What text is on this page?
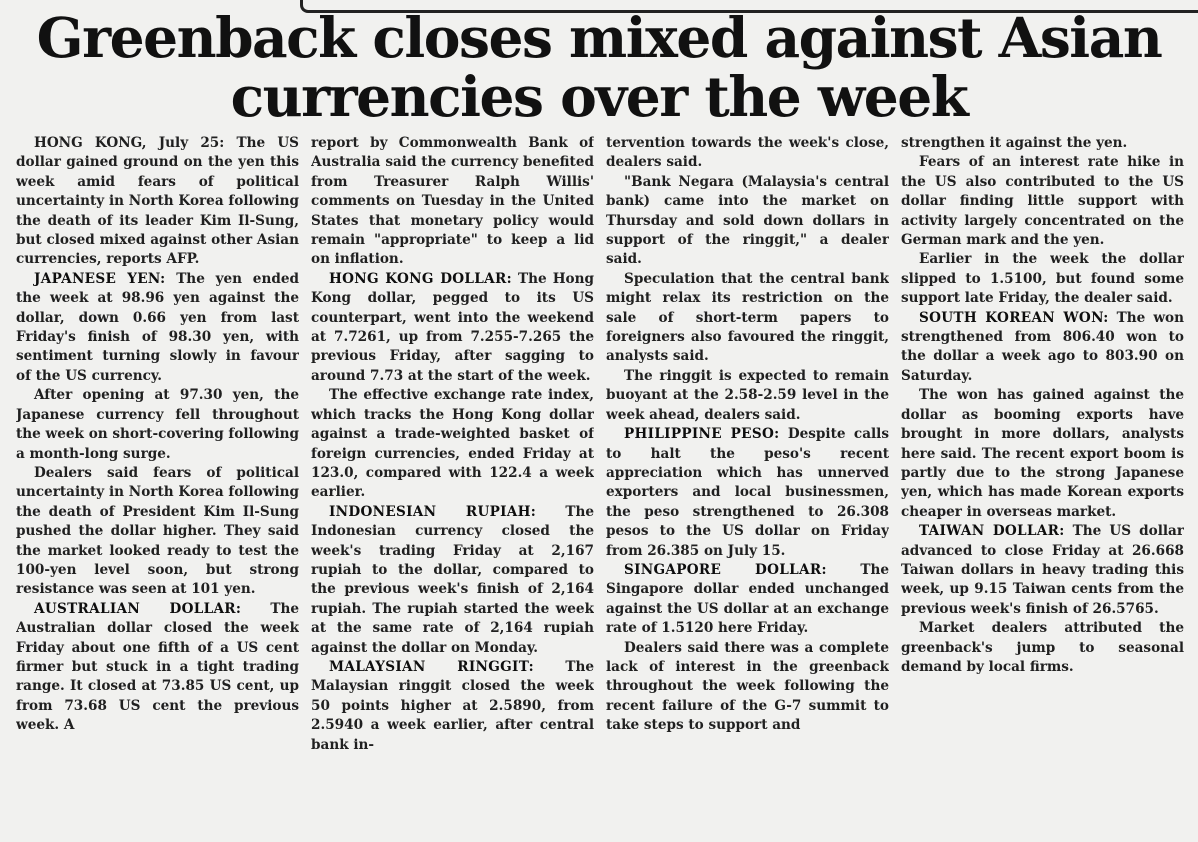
Greenback closes mixed against Asian
currencies over the week

HONG KONG, July 25: The US dollar gained ground on the yen this week amid fears of political uncertainty in North Korea following the death of its leader Kim Il-Sung, but closed mixed against other Asian currencies, reports AFP.

JAPANESE YEN: The yen ended the week at 98.96 yen against the dollar, down 0.66 yen from last Friday's finish of 98.30 yen, with sentiment turning slowly in favour of the US currency.

After opening at 97.30 yen, the Japanese currency fell throughout the week on short-covering following a month-long surge.

Dealers said fears of political uncertainty in North Korea following the death of President Kim Il-Sung pushed the dollar higher. They said the market looked ready to test the 100-yen level soon, but strong resistance was seen at 101 yen.

AUSTRALIAN DOLLAR: The Australian dollar closed the week Friday about one fifth of a US cent firmer but stuck in a tight trading range. It closed at 73.85 US cent, up from 73.68 US cent the previous week. A

report by Commonwealth Bank of Australia said the currency benefited from Treasurer Ralph Willis' comments on Tuesday in the United States that monetary policy would remain "appropriate" to keep a lid on inflation.

HONG KONG DOLLAR: The Hong Kong dollar, pegged to its US counterpart, went into the weekend at 7.7261, up from 7.255-7.265 the previous Friday, after sagging to around 7.73 at the start of the week.

The effective exchange rate index, which tracks the Hong Kong dollar against a trade-weighted basket of foreign currencies, ended Friday at 123.0, compared with 122.4 a week earlier.

INDONESIAN RUPIAH: The Indonesian currency closed the week's trading Friday at 2,167 rupiah to the dollar, compared to the previous week's finish of 2,164 rupiah. The rupiah started the week at the same rate of 2,164 rupiah against the dollar on Monday.

MALAYSIAN RINGGIT: The Malaysian ringgit closed the week 50 points higher at 2.5890, from 2.5940 a week earlier, after central bank in-

tervention towards the week's close, dealers said.

"Bank Negara (Malaysia's central bank) came into the market on Thursday and sold down dollars in support of the ringgit," a dealer said.

Speculation that the central bank might relax its restriction on the sale of short-term papers to foreigners also favoured the ringgit, analysts said.

The ringgit is expected to remain buoyant at the 2.58-2.59 level in the week ahead, dealers said.

PHILIPPINE PESO: Despite calls to halt the peso's recent appreciation which has unnerved exporters and local businessmen, the peso strengthened to 26.308 pesos to the US dollar on Friday from 26.385 on July 15.

SINGAPORE DOLLAR: The Singapore dollar ended unchanged against the US dollar at an exchange rate of 1.5120 here Friday.

Dealers said there was a complete lack of interest in the greenback throughout the week following the recent failure of the G-7 summit to take steps to support and

strengthen it against the yen.

Fears of an interest rate hike in the US also contributed to the US dollar finding little support with activity largely concentrated on the German mark and the yen.

Earlier in the week the dollar slipped to 1.5100, but found some support late Friday, the dealer said.

SOUTH KOREAN WON: The won strengthened from 806.40 won to the dollar a week ago to 803.90 on Saturday.

The won has gained against the dollar as booming exports have brought in more dollars, analysts here said. The recent export boom is partly due to the strong Japanese yen, which has made Korean exports cheaper in overseas market.

TAIWAN DOLLAR: The US dollar advanced to close Friday at 26.668 Taiwan dollars in heavy trading this week, up 9.15 Taiwan cents from the previous week's finish of 26.5765.

Market dealers attributed the greenback's jump to seasonal demand by local firms.
